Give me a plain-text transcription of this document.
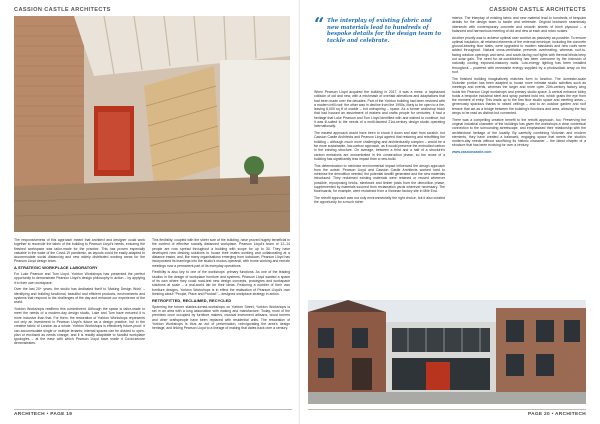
CASSION CASTLE ARCHITECTS

The responsiveness of this approach meant that architect and designer could work together to reconcile the fabric of the building to Pearson Lloyd's needs, ensuring the finished workspace was tailor-made for the practice. This has proven especially valuable in the wake of the Covid-19 pandemic, as layouts could be easily adapted to accommodate social distancing and new widely distributed working areas for the Pearson Lloyd design team.

A STRATEGIC WORKPLACE LABORATORY

For Luke Pearson and Tom Lloyd, Yorkton Workshops has presented the perfect opportunity to demonstrate Pearson Lloyd's design philosophy in action – by applying it to their own workspace.

Over the last 20+ years, the studio has dedicated itself to 'Making Design Work' – identifying and building functional, beautiful and efficient products, environments and systems that respond to the challenges of the day and enhance our experience of the world.

Yorkton Workshops reaffirms this commitment. Although the space is tailor-made to meet the needs of a modern-day design studio, Luke and Tom have ensured it is more inclusive than that. For them, the restoration of Yorkton Workshops represents not only an investment in Pearson Lloyd's future as a design practice, but in the creative fabric of London as a whole. Yorkton Workshops is effectively future-proof: it can accommodate single or multiple tenants; internal spaces can be divided to open-plan or enclosed as needs change, and it is readily adaptable to handful workplace typologies – at the ease with which Pearson Lloyd have made it Covid-secure demonstrates.

This flexibility, coupled with the sheer size of the building, have proved hugely beneficial in the context of effective socially distanced workplace. Pearson Lloyd's team of 12–14 people are now spread throughout a building with scope for up to 30. They have developed new desking solutions to house their mates working and collaborating at a distance easier, and, like many organisations emerging from lockdown, Pearson Lloyd has incorporated its learnings into the studio's modus operandi, with home working and remote meetings now a permanent part of its everyday operations.

Flexibility is also key to one of the workshops' primary functions. As one of the leading studios in the design of workplace furniture and systems, Pearson Lloyd wanted a space of its own where they could road-test new design concepts, prototypes and workspace solutions at scale – a real-world lab for their ideas. Featuring a number of their own furniture designs, Yorkton Workshops is in effect the realisation of Pearson Lloyd's own thinking about "People, Place and Product" – designed workplace strategy in action.

RETROFITTED, RECLAIMED, RECYCLED

Spanning the former stables-turned-workshops on Yorkton Street, Yorkton Workshops is set in an area with a long association with making and manufacture. Today, most of the premises once occupied by furniture makers, musical instrument artisans, wood turners and other craftspeople have been replaced with residential units. The restoration of Yorkton Workshops is thus an act of preservation, reinvigorating the area's design heritage, and linking Pearson Lloyd to a lineage of making that dates back over a century.

ARCHITECH • PAGE 19
CASSION CASTLE ARCHITECTS
“ The interplay of existing fabric and new materials lead to hundreds of bespoke details for the design team to tackle and celebrate.

When Pearson Lloyd acquired the building in 2017, it was a mess: a haphazard collision of old and new, with a mishmash of overlaid alterations and adaptations that had been made over the decades. Part of the Yorkton building had been restored with a modern infill roof; the other was in decline from the 1990s, likely to be open to a fire, leaving 6,000 sq ft of usable – but uninspiring – space. As a former workshop block that had housed an assortment of makers and crafts people for centuries, it had a heritage that Luke Pearson and Tom Lloyd identified with and wished to continue, but it was ill-suited to the needs of a multi-faceted 21st-century design studio operating internationally.

The easiest approach would have been to knock it down and start from scratch, but Cassion Castle Architects and Pearson Lloyd agreed that restoring and retrofitting the building – although much more challenging and architecturally complex – would be a far more sustainable, low-carbon approach, as it would preserve the embodied carbon in the existing structure. On average, between a third and a half of a structure's carbon emissions are concentrated in the construction phase, so the reuse of a building has significantly less impact than a new-build.

This determination to minimise environmental impact influenced the design approach from the outset. Pearson Lloyd and Cassion Castle Architects worked hard to minimise the demolition needed, the potential landfill generated and the new materials introduced. They reclaimed existing materials were retained or reused wherever possible, repurposing bricks, steelwork and timber joists from the demolition phase, supplemented by materials sourced from reclamation yards wherever necessary. The floorboards, for example, were reclaimed from a Victorian factory site in Mile End.

The retrofit approach was not only environmentally the right choice, but it also created the opportunity for a much richer

interior. The interplay of existing fabric and new material lead to hundreds of bespoke details for the design team to tackle and celebrate. Original brickwork seamlessly intersects with contemporary concrete and smooth sheets of birch plywood – a balanced and harmonious meeting of old and new at each and micro scales.

Another priority was to achieve optimal user comfort as passively as possible. To ensure optimal insulation, all retained elements of the external envelope, including the concrete ground-bearing floor slabs, were upgraded to modern standards and new roofs were added throughout. Natural cross-ventilation prevents overheating, whereas roof-to-facing window openings and west- and south-facing roof lights with thermal blinds keep out solar gain. The need for air-conditioning has been overcome by the inclusion of naturally cooling exposed-masonry walls. Low-energy lighting has been installed throughout – powered with renewable energy supplied by a photovoltaic array on the roof.

The finished building imaginatively matches form to function. The domestic-scale Victorian portion has been adapted to house more intimate studio activities such as meetings and events, whereas the larger and more open 20th-century factory wing holds the Pearson Lloyd workshops and primary studio space. A central entrance lobby holds a bespoke industrial steel and spray painted bold red, which grabs the eye from the moment of entry. This leads up to the first floor studio space and meeting areas – generously spacious thanks to raised ceilings – and to an outdoor garden and roof terrace that act as a bridge between the building's functions and area, allowing the two wings to be read as distinct but connected.

There was a compelling creative benefit to the retrofit approach, too. Preserving the original industrial character of the buildings has given the workshops a clear contextual connection to the surrounding streetscape, and emphasised their relationship with the architectural heritage of the locality. By carefully combining Victorian and modern elements, they have created a balanced, engaging space that meets the studio's modern-day needs without sacrificing its historic character – the latest chapter of a structure that has been evolving for over a century.

www.cassioncastle.com

PAGE 20 • ARCHITECH
